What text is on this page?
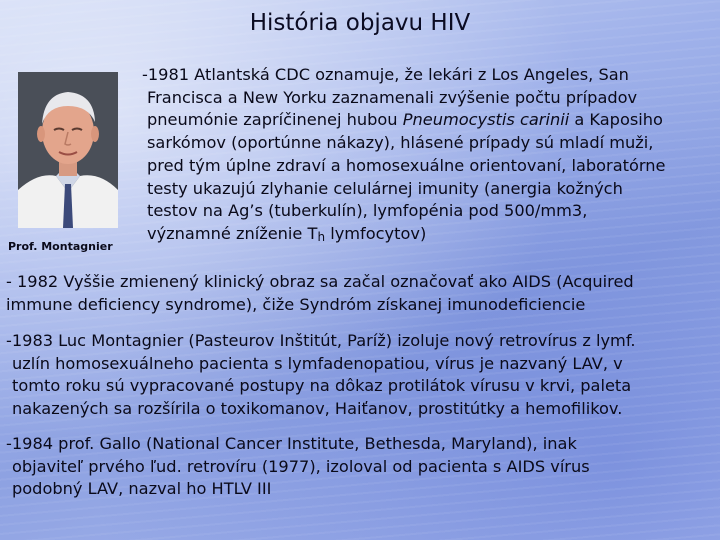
História objavu HIV
Prof. Montagnier
-1981 Atlantská CDC oznamuje, že lekári z Los Angeles, San
Francisca a New Yorku zaznamenali zvýšenie počtu prípadov
pneumónie zapríčinenej hubou Pneumocystis carinii a Kaposiho
sarkómov (oportúnne nákazy), hlásené prípady sú mladí muži,
pred tým úplne zdraví a homosexuálne orientovaní, laboratórne
testy ukazujú zlyhanie celulárnej imunity (anergia kožných
testov na Ag’s (tuberkulín), lymfopénia pod 500/mm3,
významné zníženie Th lymfocytov)
- 1982 Vyššie zmienený klinický obraz sa začal označovať ako AIDS (Acquired
immune deficiency syndrome), čiže Syndróm získanej imunodeficiencie
-1983 Luc Montagnier (Pasteurov Inštitút, Paríž) izoluje nový retrovírus z lymf.
uzlín homosexuálneho pacienta s lymfadenopatiou, vírus je nazvaný LAV, v
tomto roku sú vypracované postupy na dôkaz protilátok vírusu v krvi, paleta
nakazených sa rozšírila o toxikomanov, Haiťanov, prostitútky a hemofilikov.
-1984 prof. Gallo (National Cancer Institute, Bethesda, Maryland), inak
objaviteľ prvého ľud. retrovíru (1977), izoloval od pacienta s AIDS vírus
podobný LAV, nazval ho HTLV III
